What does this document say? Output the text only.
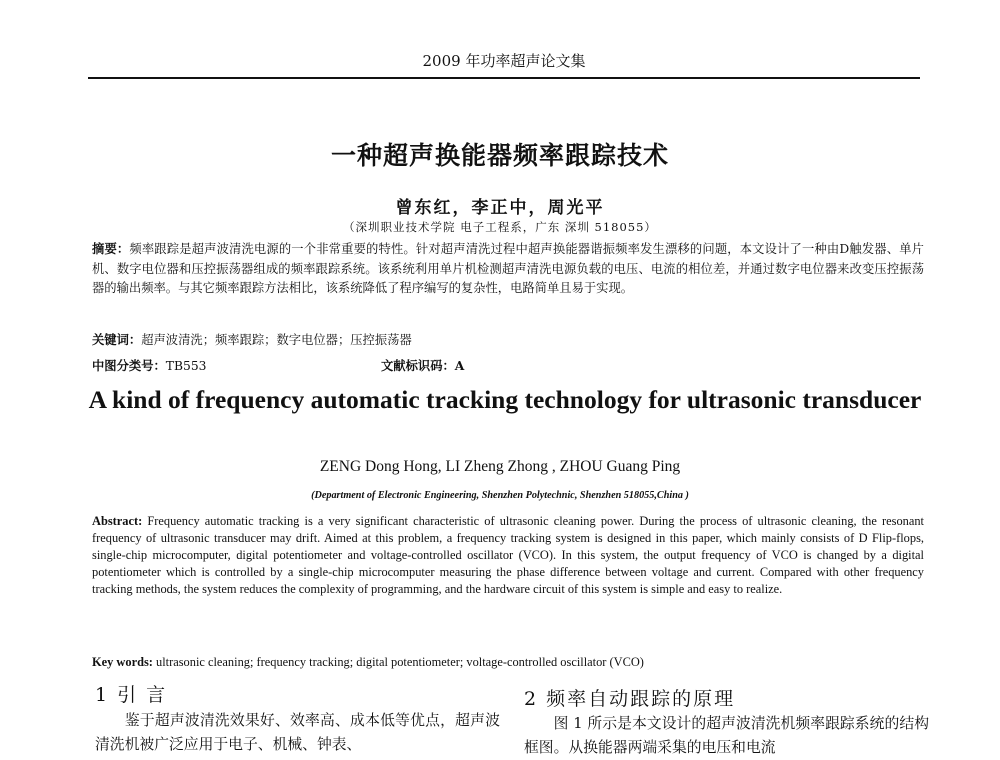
2009 年功率超声论文集
一种超声换能器频率跟踪技术
曾东红，李正中，周光平
（深圳职业技术学院 电子工程系，广东 深圳 518055）
摘要：频率跟踪是超声波清洗电源的一个非常重要的特性。针对超声清洗过程中超声换能器谐振频率发生漂移的问题，本文设计了一种由D触发器、单片机、数字电位器和压控振荡器组成的频率跟踪系统。该系统利用单片机检测超声清洗电源负载的电压、电流的相位差，并通过数字电位器来改变压控振荡器的输出频率。与其它频率跟踪方法相比，该系统降低了程序编写的复杂性，电路简单且易于实现。
关键词：超声波清洗；频率跟踪；数字电位器；压控振荡器
中图分类号：TB553	文献标识码：A
A kind of frequency automatic tracking technology for ultrasonic transducer
ZENG Dong Hong, LI Zheng Zhong , ZHOU Guang Ping
(Department of Electronic Engineering, Shenzhen Polytechnic, Shenzhen 518055,China )
Abstract: Frequency automatic tracking is a very significant characteristic of ultrasonic cleaning power. During the process of ultrasonic cleaning, the resonant frequency of ultrasonic transducer may drift. Aimed at this problem, a frequency tracking system is designed in this paper, which mainly consists of D Flip-flops, single-chip microcomputer, digital potentiometer and voltage-controlled oscillator (VCO). In this system, the output frequency of VCO is changed by a digital potentiometer which is controlled by a single-chip microcomputer measuring the phase difference between voltage and current. Compared with other frequency tracking methods, the system reduces the complexity of programming, and the hardware circuit of this system is simple and easy to realize.
Key words: ultrasonic cleaning; frequency tracking; digital potentiometer; voltage-controlled oscillator (VCO)
1 引 言
鉴于超声波清洗效果好、效率高、成本低等优点，超声波清洗机被广泛应用于电子、机械、钟表、
2 频率自动跟踪的原理
图 1 所示是本文设计的超声波清洗机频率跟踪系统的结构框图。从换能器两端采集的电压和电流
